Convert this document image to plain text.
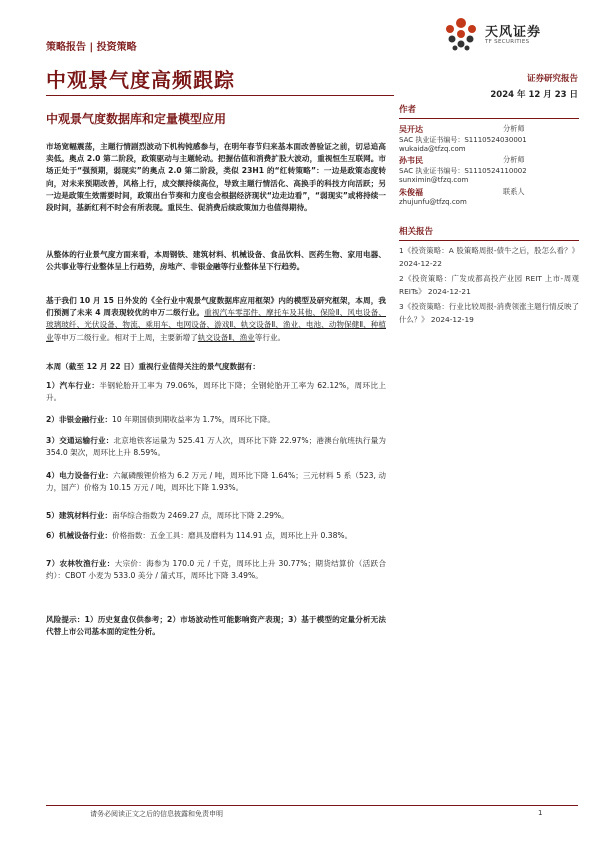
策略报告 | 投资策略
天风证券
TF SECURITIES
中观景气度高频跟踪	证券研究报告
2024 年 12 月 23 日
中观景气度数据库和定量模型应用

市场宽幅震荡，主题行情剧烈波动下机构钝感参与，在明年春节归来基本面改善验证之前，切忌追高卖低。奥点 2.0 第二阶段，政策驱动与主题轮动。把握估值和消费扩股大波动，重视恒生互联网。市场正处于“强预期，弱现实”的奥点 2.0 第二阶段，类似 23H1 的“红转策略”：一边是政策态度转向，对未来预期改善，风格上行，成交额持续高位，导致主题行情活化、高换手的科技方向活跃；另一边是政策生效需要时间，政策出台节奏和力度也会根据经济现状“边走边看”，“弱现实”或将持续一段时间，基新红利不时会有所表现。重民生、促消费后续政策加力也值得期待。

从整体的行业景气度方面来看，本周钢铁、建筑材料、机械设备、食品饮料、医药生物、家用电器、公共事业等行业整体呈上行趋势，房地产、非银金融等行业整体呈下行趋势。

基于我们 10 月 15 日外发的《全行业中观景气度数据库应用框架》内的模型及研究框架，本周，我们预测了未来 4 周表现较优的申万二级行业。重视汽车零部件、摩托车及其他、保险Ⅱ、风电设备、玻璃玻纤、光伏设备、物流、乘用车、电网设备、游戏Ⅱ、轨交设备Ⅱ、渔业、电池、动物保健Ⅱ、种植业等申万二级行业。相对于上周，主要新增了轨交设备Ⅱ、渔业等行业。

本周（截至 12 月 22 日）重视行业值得关注的景气度数据有：

1）汽车行业：半钢轮胎开工率为 79.06%，周环比下降；全钢轮胎开工率为 62.12%，周环比上升。

2）非银金融行业：10 年期国债到期收益率为 1.7%，周环比下降。

3）交通运输行业：北京地铁客运量为 525.41 万人次，周环比下降 22.97%；港澳台航班执行量为 354.0 架次，周环比上升 8.59%。

4）电力设备行业：六氟磷酸锂价格为 6.2 万元 / 吨，周环比下降 1.64%；三元材料 5 系（523, 动力，国产）价格为 10.15 万元 / 吨，周环比下降 1.93%。

5）建筑材料行业：南华综合指数为 2469.27 点，周环比下降 2.29%。

6）机械设备行业：价格指数：五金工具：磨具及磨料为 114.91 点，周环比上升 0.38%。

7）农林牧渔行业：大宗价：海参为 170.0 元 / 千克，周环比上升 30.77%；期货结算价（活跃合约）：CBOT 小麦为 533.0 美分 / 蒲式耳，周环比下降 3.49%。

风险提示：1）历史复盘仅供参考；2）市场波动性可能影响资产表现；3）基于模型的定量分析无法代替上市公司基本面的定性分析。

作者
吴开达	分析师
SAC 执业证书编号：S1110524030001
wukaida@tfzq.com
孙韦民	分析师
SAC 执业证书编号：S1110524110002
sunximin@tfzq.com
朱俊福	联系人
zhujunfu@tfzq.com
相关报告
1《投资策略：A 股策略周报-债牛之后，股怎么看？》 2024-12-22
2《投资策略：广发成都高投产业园 REIT 上市-周观 REITs》 2024-12-21
3《投资策略：行业比较周报-消费领涨主题行情反映了什么？》 2024-12-19
请务必阅读正文之后的信息披露和免责申明	1
